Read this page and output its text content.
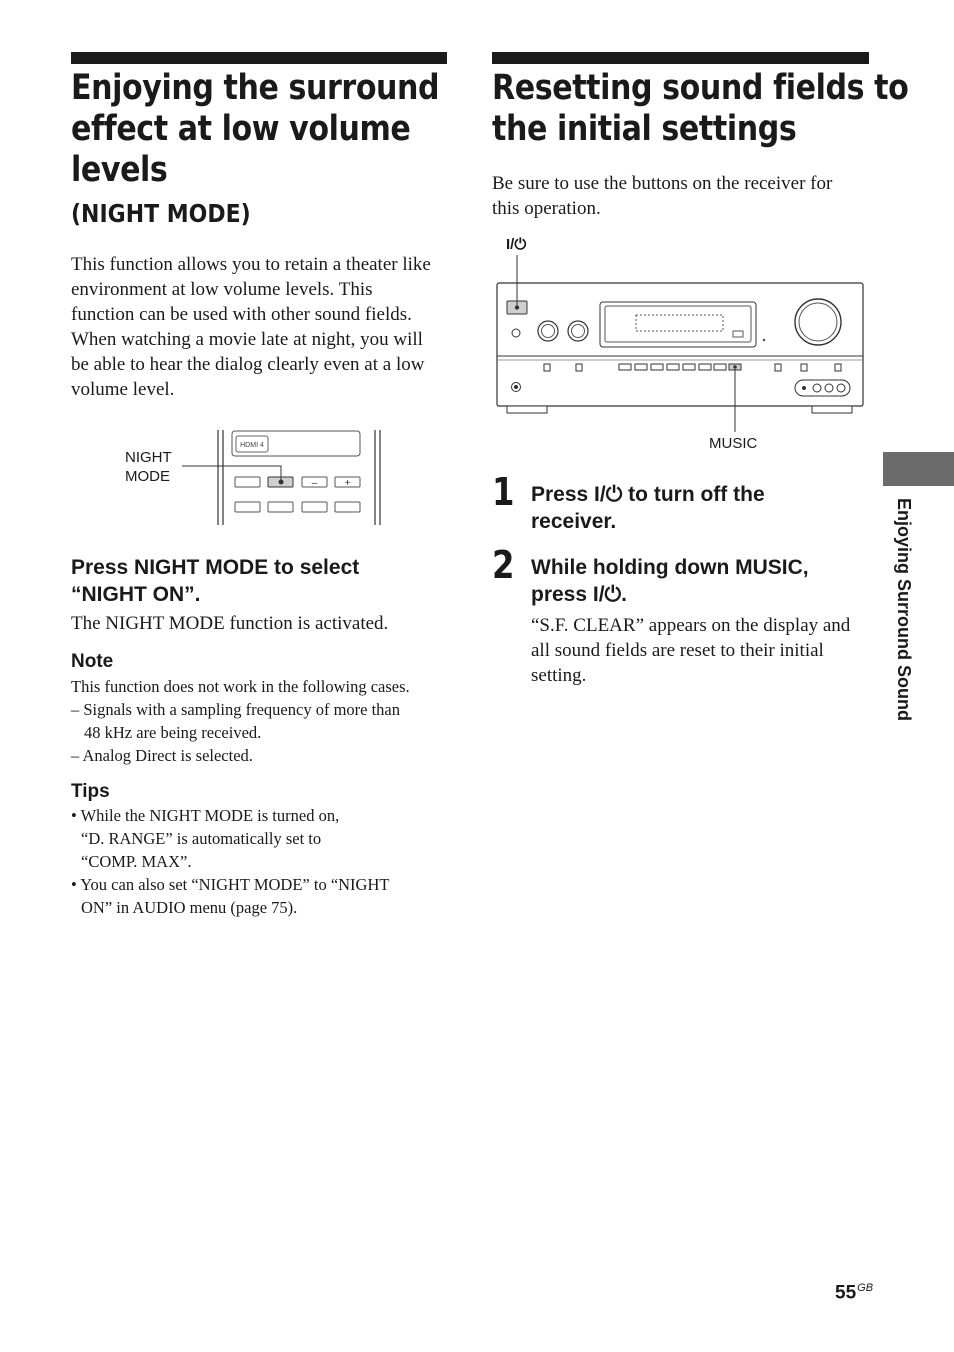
Enjoying the surround
effect at low volume
levels
(NIGHT MODE)

This function allows you to retain a theater like
environment at low volume levels. This
function can be used with other sound fields.
When watching a movie late at night, you will
be able to hear the dialog clearly even at a low
volume level.

NIGHT
MODE
HDMI 4
–	+
Press NIGHT MODE to select
“NIGHT ON”.

The NIGHT MODE function is activated.

Note

This function does not work in the following cases.
– Signals with a sampling frequency of more than
48 kHz are being received.
– Analog Direct is selected.

Tips

• While the NIGHT MODE is turned on,
“D. RANGE” is automatically set to
“COMP. MAX”.
• You can also set “NIGHT MODE” to “NIGHT
ON” in AUDIO menu (page 75).

Resetting sound fields to
the initial settings

Be sure to use the buttons on the receiver for
this operation.

I/⏻
MUSIC
1 Press I/⏻ to turn off the
receiver.
2 While holding down MUSIC,
press I/⏻.

“S.F. CLEAR” appears on the display and
all sound fields are reset to their initial
setting.	Enjoying Surround Sound
$55^{GB}$
